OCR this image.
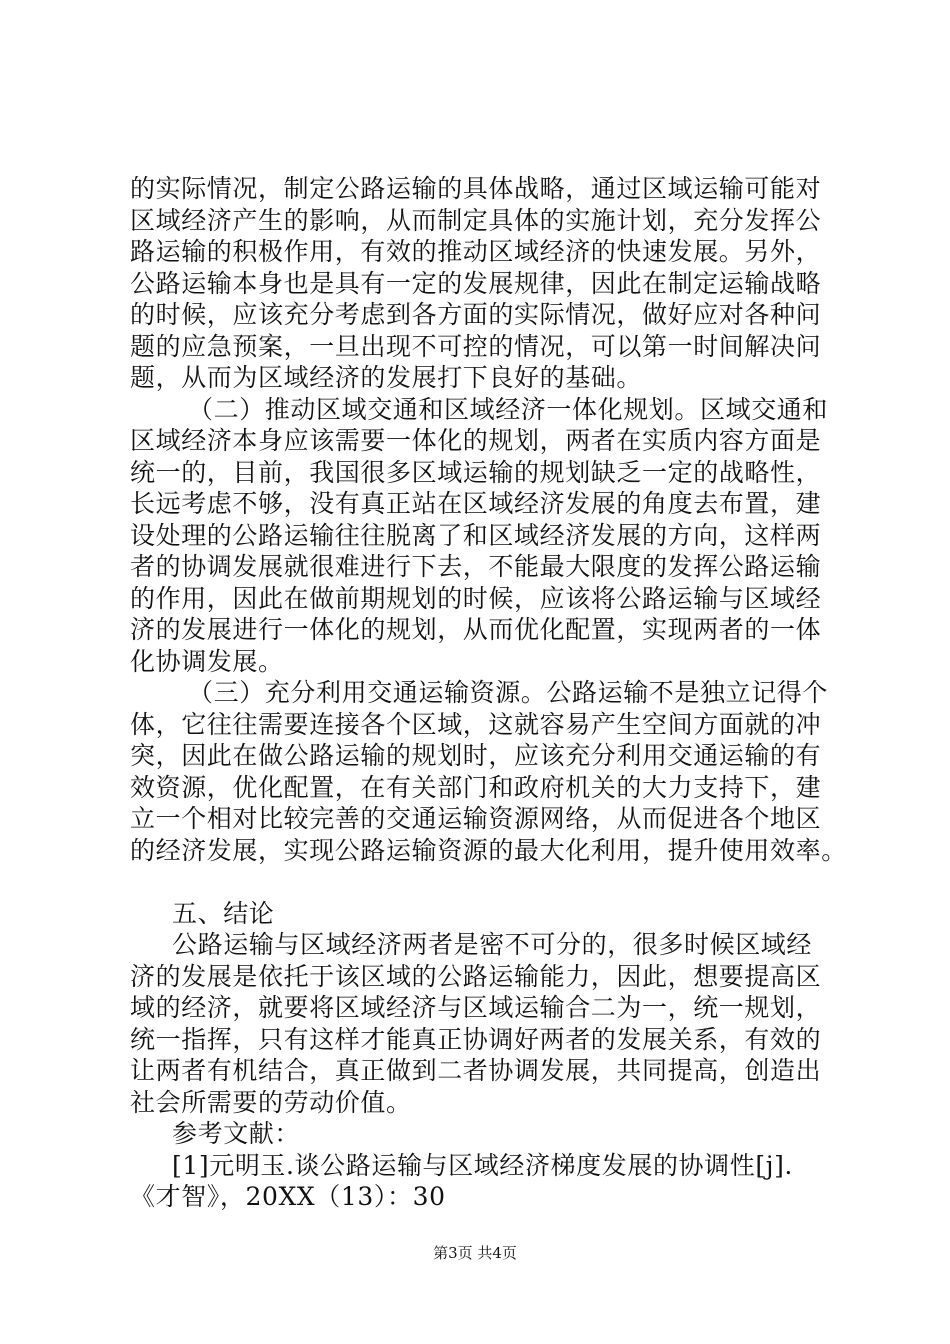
的实际情况，制定公路运输的具体战略，通过区域运输可能对
区域经济产生的影响，从而制定具体的实施计划，充分发挥公
路运输的积极作用，有效的推动区域经济的快速发展。另外，
公路运输本身也是具有一定的发展规律，因此在制定运输战略
的时候，应该充分考虑到各方面的实际情况，做好应对各种问
题的应急预案，一旦出现不可控的情况，可以第一时间解决问
题，从而为区域经济的发展打下良好的基础。
（二）推动区域交通和区域经济一体化规划。区域交通和
区域经济本身应该需要一体化的规划，两者在实质内容方面是
统一的，目前，我国很多区域运输的规划缺乏一定的战略性，
长远考虑不够，没有真正站在区域经济发展的角度去布置，建
设处理的公路运输往往脱离了和区域经济发展的方向，这样两
者的协调发展就很难进行下去，不能最大限度的发挥公路运输
的作用，因此在做前期规划的时候，应该将公路运输与区域经
济的发展进行一体化的规划，从而优化配置，实现两者的一体
化协调发展。
（三）充分利用交通运输资源。公路运输不是独立记得个
体，它往往需要连接各个区域，这就容易产生空间方面就的冲
突，因此在做公路运输的规划时，应该充分利用交通运输的有
效资源，优化配置，在有关部门和政府机关的大力支持下，建
立一个相对比较完善的交通运输资源网络，从而促进各个地区
的经济发展，实现公路运输资源的最大化利用，提升使用效率。
五、结论
公路运输与区域经济两者是密不可分的，很多时候区域经
济的发展是依托于该区域的公路运输能力，因此，想要提高区
域的经济，就要将区域经济与区域运输合二为一，统一规划，
统一指挥，只有这样才能真正协调好两者的发展关系，有效的
让两者有机结合，真正做到二者协调发展，共同提高，创造出
社会所需要的劳动价值。
参考文献：
[1]元明玉.谈公路运输与区域经济梯度发展的协调性[j].
《才智》，20XX（13）：30
第3页 共4页
